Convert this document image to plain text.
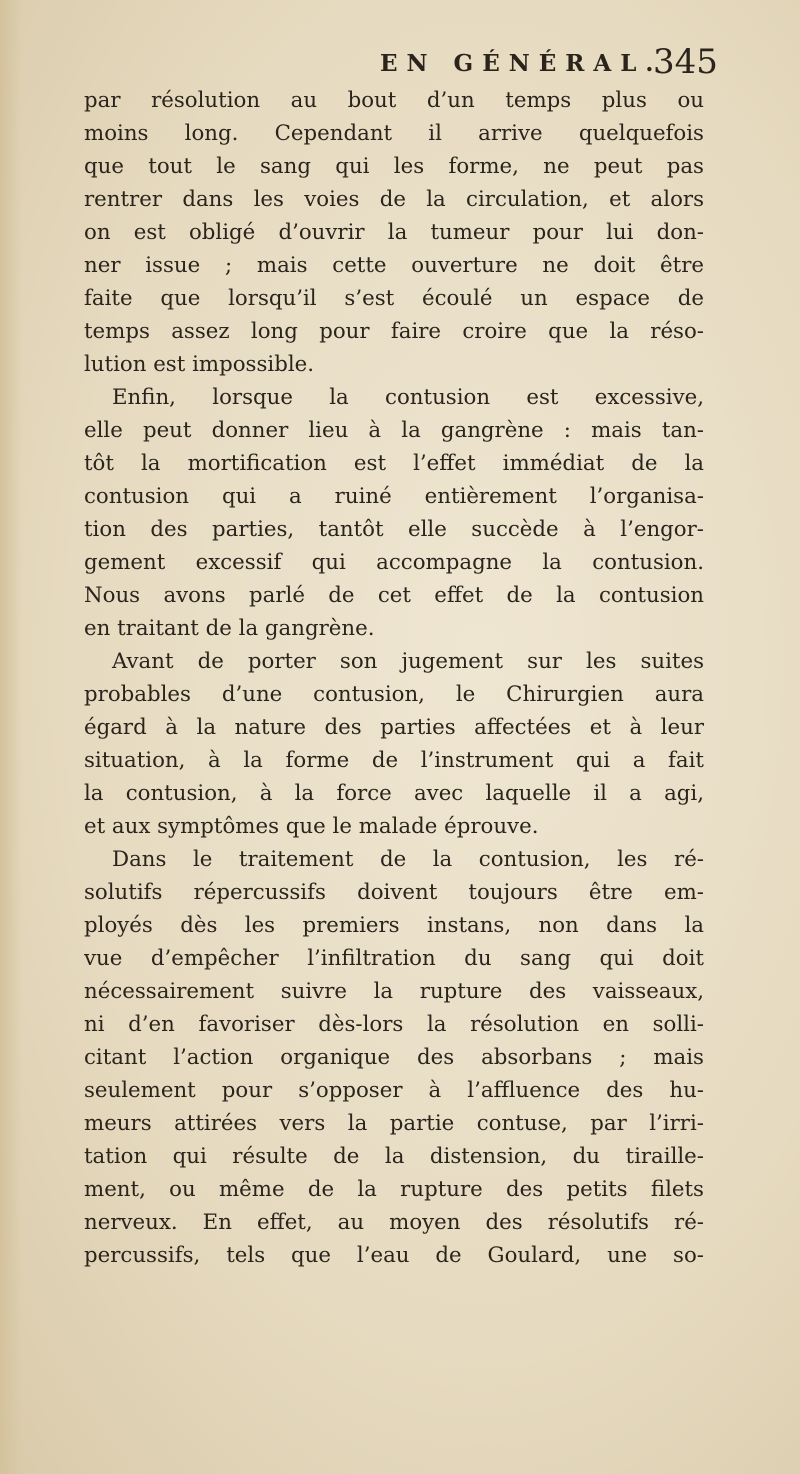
EN GÉNÉRAL.
345
par résolution au bout d’un temps plus ou
moins long. Cependant il arrive quelquefois
que tout le sang qui les forme, ne peut pas
rentrer dans les voies de la circulation, et alors
on est obligé d’ouvrir la tumeur pour lui don-
ner issue ; mais cette ouverture ne doit être
faite que lorsqu’il s’est écoulé un espace de
temps assez long pour faire croire que la réso-
lution est impossible.
Enfin, lorsque la contusion est excessive,
elle peut donner lieu à la gangrène : mais tan-
tôt la mortification est l’effet immédiat de la
contusion qui a ruiné entièrement l’organisa-
tion des parties, tantôt elle succède à l’engor-
gement excessif qui accompagne la contusion.
Nous avons parlé de cet effet de la contusion
en traitant de la gangrène.
Avant de porter son jugement sur les suites
probables d’une contusion, le Chirurgien aura
égard à la nature des parties affectées et à leur
situation, à la forme de l’instrument qui a fait
la contusion, à la force avec laquelle il a agi,
et aux symptômes que le malade éprouve.
Dans le traitement de la contusion, les ré-
solutifs répercussifs doivent toujours être em-
ployés dès les premiers instans, non dans la
vue d’empêcher l’infiltration du sang qui doit
nécessairement suivre la rupture des vaisseaux,
ni d’en favoriser dès-lors la résolution en solli-
citant l’action organique des absorbans ; mais
seulement pour s’opposer à l’affluence des hu-
meurs attirées vers la partie contuse, par l’irri-
tation qui résulte de la distension, du tiraille-
ment, ou même de la rupture des petits filets
nerveux. En effet, au moyen des résolutifs ré-
percussifs, tels que l’eau de Goulard, une so-
